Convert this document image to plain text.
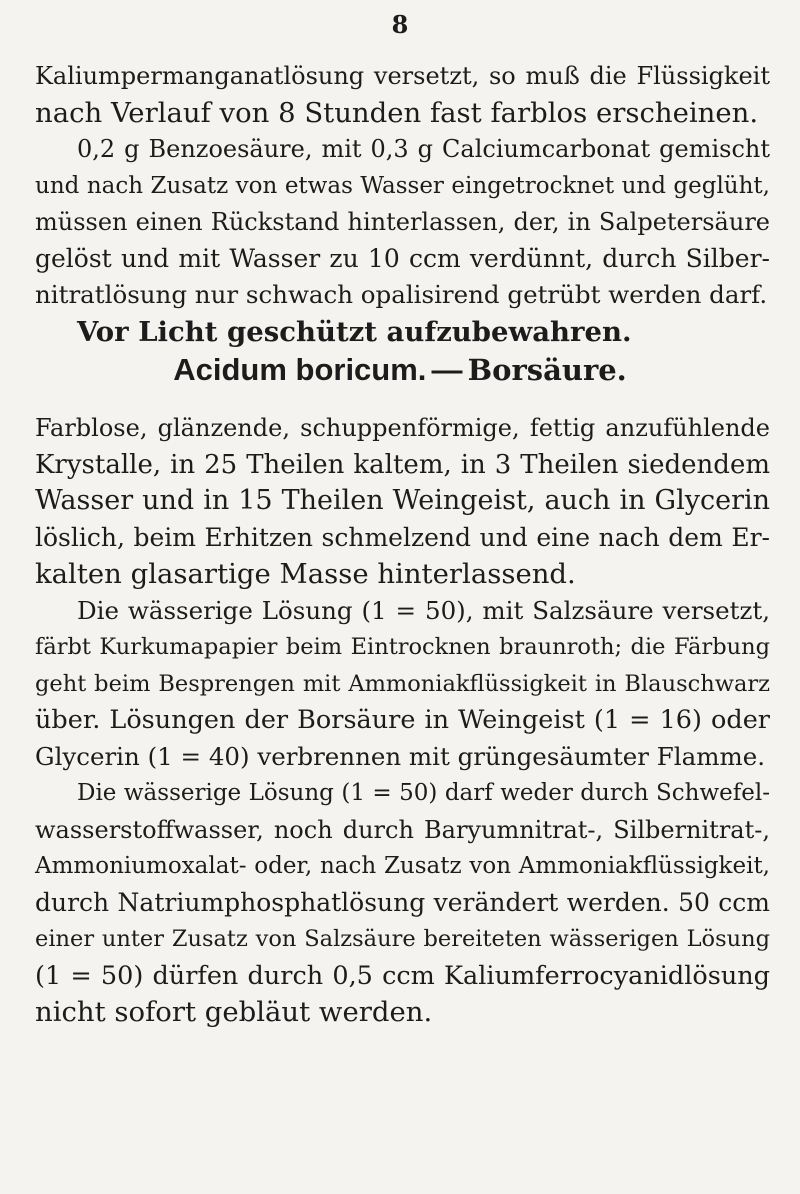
8
Kaliumpermanganatlösung versetzt, so muß die Flüssigkeit
nach Verlauf von 8 Stunden fast farblos erscheinen.
0,2 g Benzoesäure, mit 0,3 g Calciumcarbonat gemischt
und nach Zusatz von etwas Wasser eingetrocknet und geglüht,
müssen einen Rückstand hinterlassen, der, in Salpetersäure
gelöst und mit Wasser zu 10 ccm verdünnt, durch Silber-
nitratlösung nur schwach opalisirend getrübt werden darf.
Vor Licht geschützt aufzubewahren.
Acidum boricum. — Borsäure.
Farblose, glänzende, schuppenförmige, fettig anzufühlende
Krystalle, in 25 Theilen kaltem, in 3 Theilen siedendem
Wasser und in 15 Theilen Weingeist, auch in Glycerin
löslich, beim Erhitzen schmelzend und eine nach dem Er-
kalten glasartige Masse hinterlassend.
Die wässerige Lösung (1 = 50), mit Salzsäure versetzt,
färbt Kurkumapapier beim Eintrocknen braunroth; die Färbung
geht beim Besprengen mit Ammoniakflüssigkeit in Blauschwarz
über. Lösungen der Borsäure in Weingeist (1 = 16) oder
Glycerin (1 = 40) verbrennen mit grüngesäumter Flamme.
Die wässerige Lösung (1 = 50) darf weder durch Schwefel-
wasserstoffwasser, noch durch Baryumnitrat-, Silbernitrat-,
Ammoniumoxalat- oder, nach Zusatz von Ammoniakflüssigkeit,
durch Natriumphosphatlösung verändert werden. 50 ccm
einer unter Zusatz von Salzsäure bereiteten wässerigen Lösung
(1 = 50) dürfen durch 0,5 ccm Kaliumferrocyanidlösung
nicht sofort gebläut werden.
